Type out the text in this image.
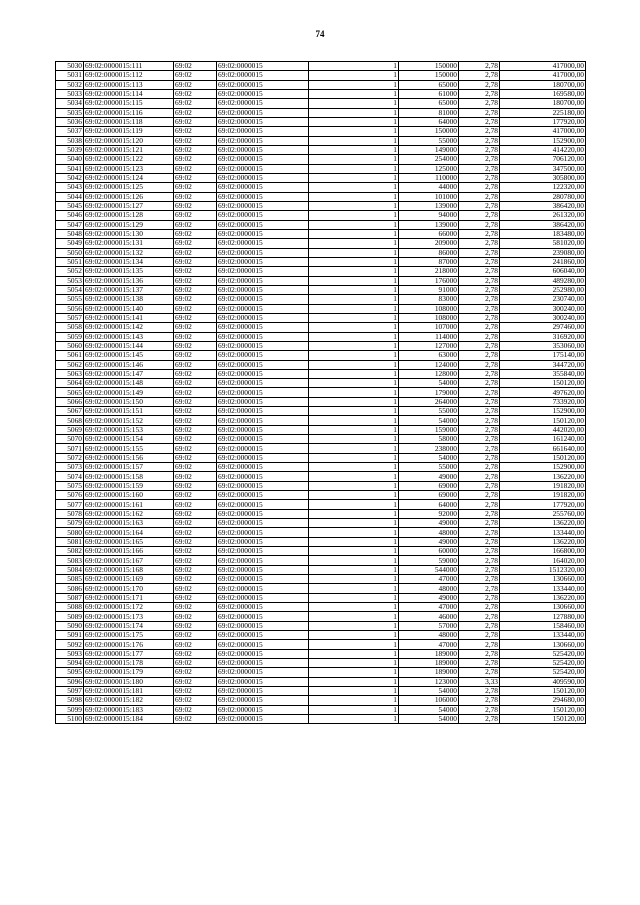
74
5030	69:02:0000015:111	69:02	69:02:0000015	1	150000	2,78	417000,00
5031	69:02:0000015:112	69:02	69:02:0000015	1	150000	2,78	417000,00
5032	69:02:0000015:113	69:02	69:02:0000015	1	65000	2,78	180700,00
5033	69:02:0000015:114	69:02	69:02:0000015	1	61000	2,78	169580,00
5034	69:02:0000015:115	69:02	69:02:0000015	1	65000	2,78	180700,00
5035	69:02:0000015:116	69:02	69:02:0000015	1	81000	2,78	225180,00
5036	69:02:0000015:118	69:02	69:02:0000015	1	64000	2,78	177920,00
5037	69:02:0000015:119	69:02	69:02:0000015	1	150000	2,78	417000,00
5038	69:02:0000015:120	69:02	69:02:0000015	1	55000	2,78	152900,00
5039	69:02:0000015:121	69:02	69:02:0000015	1	149000	2,78	414220,00
5040	69:02:0000015:122	69:02	69:02:0000015	1	254000	2,78	706120,00
5041	69:02:0000015:123	69:02	69:02:0000015	1	125000	2,78	347500,00
5042	69:02:0000015:124	69:02	69:02:0000015	1	110000	2,78	305800,00
5043	69:02:0000015:125	69:02	69:02:0000015	1	44000	2,78	122320,00
5044	69:02:0000015:126	69:02	69:02:0000015	1	101000	2,78	280780,00
5045	69:02:0000015:127	69:02	69:02:0000015	1	139000	2,78	386420,00
5046	69:02:0000015:128	69:02	69:02:0000015	1	94000	2,78	261320,00
5047	69:02:0000015:129	69:02	69:02:0000015	1	139000	2,78	386420,00
5048	69:02:0000015:130	69:02	69:02:0000015	1	66000	2,78	183480,00
5049	69:02:0000015:131	69:02	69:02:0000015	1	209000	2,78	581020,00
5050	69:02:0000015:132	69:02	69:02:0000015	1	86000	2,78	239080,00
5051	69:02:0000015:134	69:02	69:02:0000015	1	87000	2,78	241860,00
5052	69:02:0000015:135	69:02	69:02:0000015	1	218000	2,78	606040,00
5053	69:02:0000015:136	69:02	69:02:0000015	1	176000	2,78	489280,00
5054	69:02:0000015:137	69:02	69:02:0000015	1	91000	2,78	252980,00
5055	69:02:0000015:138	69:02	69:02:0000015	1	83000	2,78	230740,00
5056	69:02:0000015:140	69:02	69:02:0000015	1	108000	2,78	300240,00
5057	69:02:0000015:141	69:02	69:02:0000015	1	108000	2,78	300240,00
5058	69:02:0000015:142	69:02	69:02:0000015	1	107000	2,78	297460,00
5059	69:02:0000015:143	69:02	69:02:0000015	1	114000	2,78	316920,00
5060	69:02:0000015:144	69:02	69:02:0000015	1	127000	2,78	353060,00
5061	69:02:0000015:145	69:02	69:02:0000015	1	63000	2,78	175140,00
5062	69:02:0000015:146	69:02	69:02:0000015	1	124000	2,78	344720,00
5063	69:02:0000015:147	69:02	69:02:0000015	1	128000	2,78	355840,00
5064	69:02:0000015:148	69:02	69:02:0000015	1	54000	2,78	150120,00
5065	69:02:0000015:149	69:02	69:02:0000015	1	179000	2,78	497620,00
5066	69:02:0000015:150	69:02	69:02:0000015	1	264000	2,78	733920,00
5067	69:02:0000015:151	69:02	69:02:0000015	1	55000	2,78	152900,00
5068	69:02:0000015:152	69:02	69:02:0000015	1	54000	2,78	150120,00
5069	69:02:0000015:153	69:02	69:02:0000015	1	159000	2,78	442020,00
5070	69:02:0000015:154	69:02	69:02:0000015	1	58000	2,78	161240,00
5071	69:02:0000015:155	69:02	69:02:0000015	1	238000	2,78	661640,00
5072	69:02:0000015:156	69:02	69:02:0000015	1	54000	2,78	150120,00
5073	69:02:0000015:157	69:02	69:02:0000015	1	55000	2,78	152900,00
5074	69:02:0000015:158	69:02	69:02:0000015	1	49000	2,78	136220,00
5075	69:02:0000015:159	69:02	69:02:0000015	1	69000	2,78	191820,00
5076	69:02:0000015:160	69:02	69:02:0000015	1	69000	2,78	191820,00
5077	69:02:0000015:161	69:02	69:02:0000015	1	64000	2,78	177920,00
5078	69:02:0000015:162	69:02	69:02:0000015	1	92000	2,78	255760,00
5079	69:02:0000015:163	69:02	69:02:0000015	1	49000	2,78	136220,00
5080	69:02:0000015:164	69:02	69:02:0000015	1	48000	2,78	133440,00
5081	69:02:0000015:165	69:02	69:02:0000015	1	49000	2,78	136220,00
5082	69:02:0000015:166	69:02	69:02:0000015	1	60000	2,78	166800,00
5083	69:02:0000015:167	69:02	69:02:0000015	1	59000	2,78	164020,00
5084	69:02:0000015:168	69:02	69:02:0000015	1	544000	2,78	1512320,00
5085	69:02:0000015:169	69:02	69:02:0000015	1	47000	2,78	130660,00
5086	69:02:0000015:170	69:02	69:02:0000015	1	48000	2,78	133440,00
5087	69:02:0000015:171	69:02	69:02:0000015	1	49000	2,78	136220,00
5088	69:02:0000015:172	69:02	69:02:0000015	1	47000	2,78	130660,00
5089	69:02:0000015:173	69:02	69:02:0000015	1	46000	2,78	127880,00
5090	69:02:0000015:174	69:02	69:02:0000015	1	57000	2,78	158460,00
5091	69:02:0000015:175	69:02	69:02:0000015	1	48000	2,78	133440,00
5092	69:02:0000015:176	69:02	69:02:0000015	1	47000	2,78	130660,00
5093	69:02:0000015:177	69:02	69:02:0000015	1	189000	2,78	525420,00
5094	69:02:0000015:178	69:02	69:02:0000015	1	189000	2,78	525420,00
5095	69:02:0000015:179	69:02	69:02:0000015	1	189000	2,78	525420,00
5096	69:02:0000015:180	69:02	69:02:0000015	1	123000	3,33	409590,00
5097	69:02:0000015:181	69:02	69:02:0000015	1	54000	2,78	150120,00
5098	69:02:0000015:182	69:02	69:02:0000015	1	106000	2,78	294680,00
5099	69:02:0000015:183	69:02	69:02:0000015	1	54000	2,78	150120,00
5100	69:02:0000015:184	69:02	69:02:0000015	1	54000	2,78	150120,00
